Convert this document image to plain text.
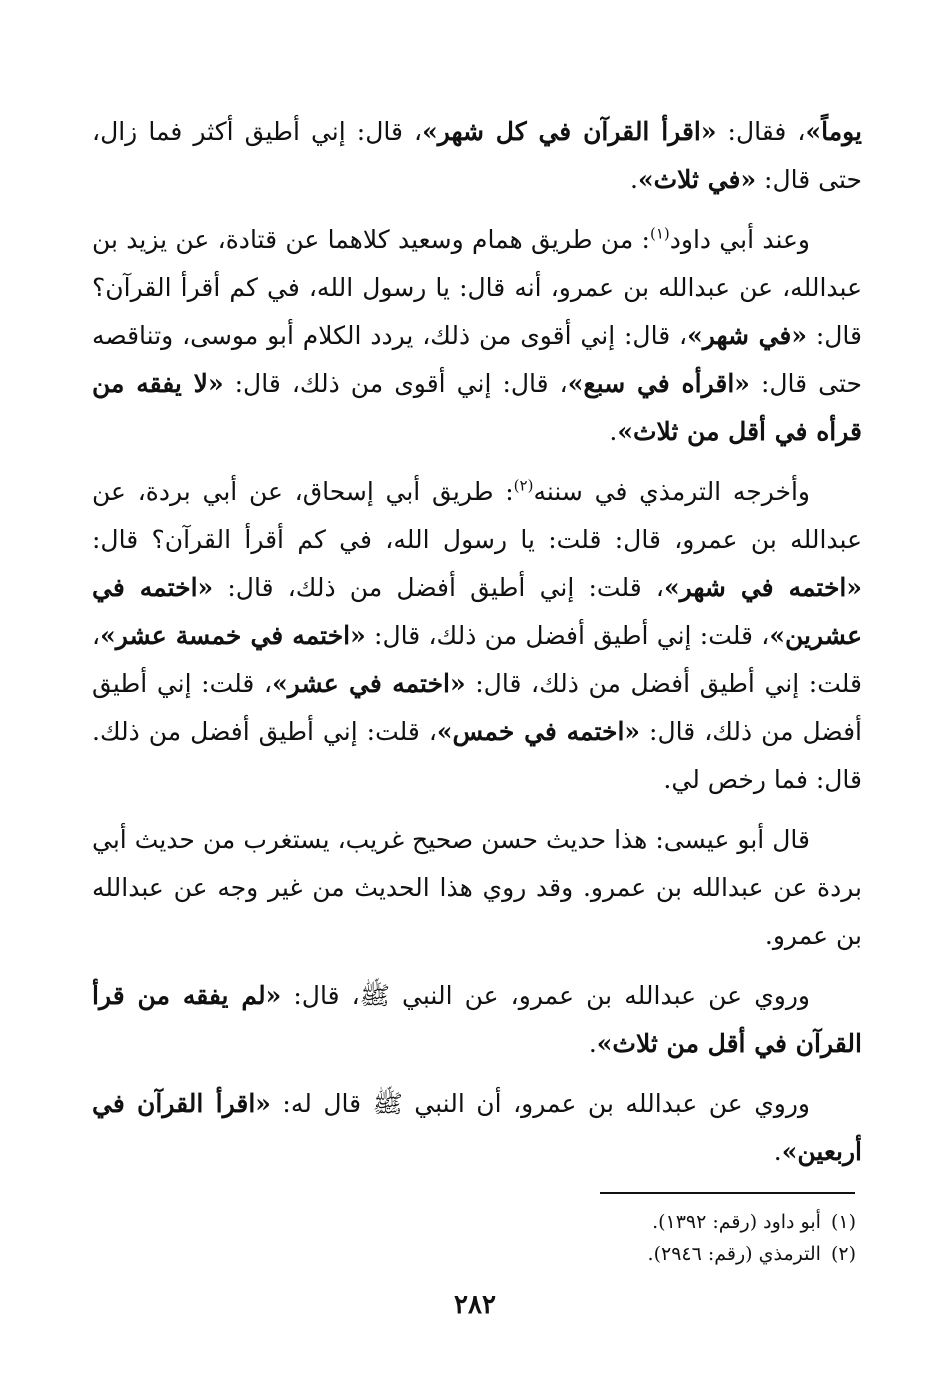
يوماً»، فقال: «اقرأ القرآن في كل شهر»، قال: إني أطيق أكثر فما زال، حتى قال: «في ثلاث».

وعند أبي داود$^{(١)}$: من طريق همام وسعيد كلاهما عن قتادة، عن يزيد بن عبدالله، عن عبدالله بن عمرو، أنه قال: يا رسول الله، في كم أقرأ القرآن؟ قال: «في شهر»، قال: إني أقوى من ذلك، يردد الكلام أبو موسى، وتناقصه حتى قال: «اقرأه في سبع»، قال: إني أقوى من ذلك، قال: «لا يفقه من قرأه في أقل من ثلاث».

وأخرجه الترمذي في سننه$^{(٢)}$: طريق أبي إسحاق، عن أبي بردة، عن عبدالله بن عمرو، قال: قلت: يا رسول الله، في كم أقرأ القرآن؟ قال: «اختمه في شهر»، قلت: إني أطيق أفضل من ذلك، قال: «اختمه في عشرين»، قلت: إني أطيق أفضل من ذلك، قال: «اختمه في خمسة عشر»، قلت: إني أطيق أفضل من ذلك، قال: «اختمه في عشر»، قلت: إني أطيق أفضل من ذلك، قال: «اختمه في خمس»، قلت: إني أطيق أفضل من ذلك. قال: فما رخص لي.

قال أبو عيسى: هذا حديث حسن صحيح غريب، يستغرب من حديث أبي بردة عن عبدالله بن عمرو. وقد روي هذا الحديث من غير وجه عن عبدالله بن عمرو.

وروي عن عبدالله بن عمرو، عن النبي ﷺ، قال: «لم يفقه من قرأ القرآن في أقل من ثلاث».

وروي عن عبدالله بن عمرو، أن النبي ﷺ قال له: «اقرأ القرآن في أربعين».

(١)أبو داود (رقم: ١٣٩٢).

(٢)الترمذي (رقم: ٢٩٤٦).

٢٨٢
